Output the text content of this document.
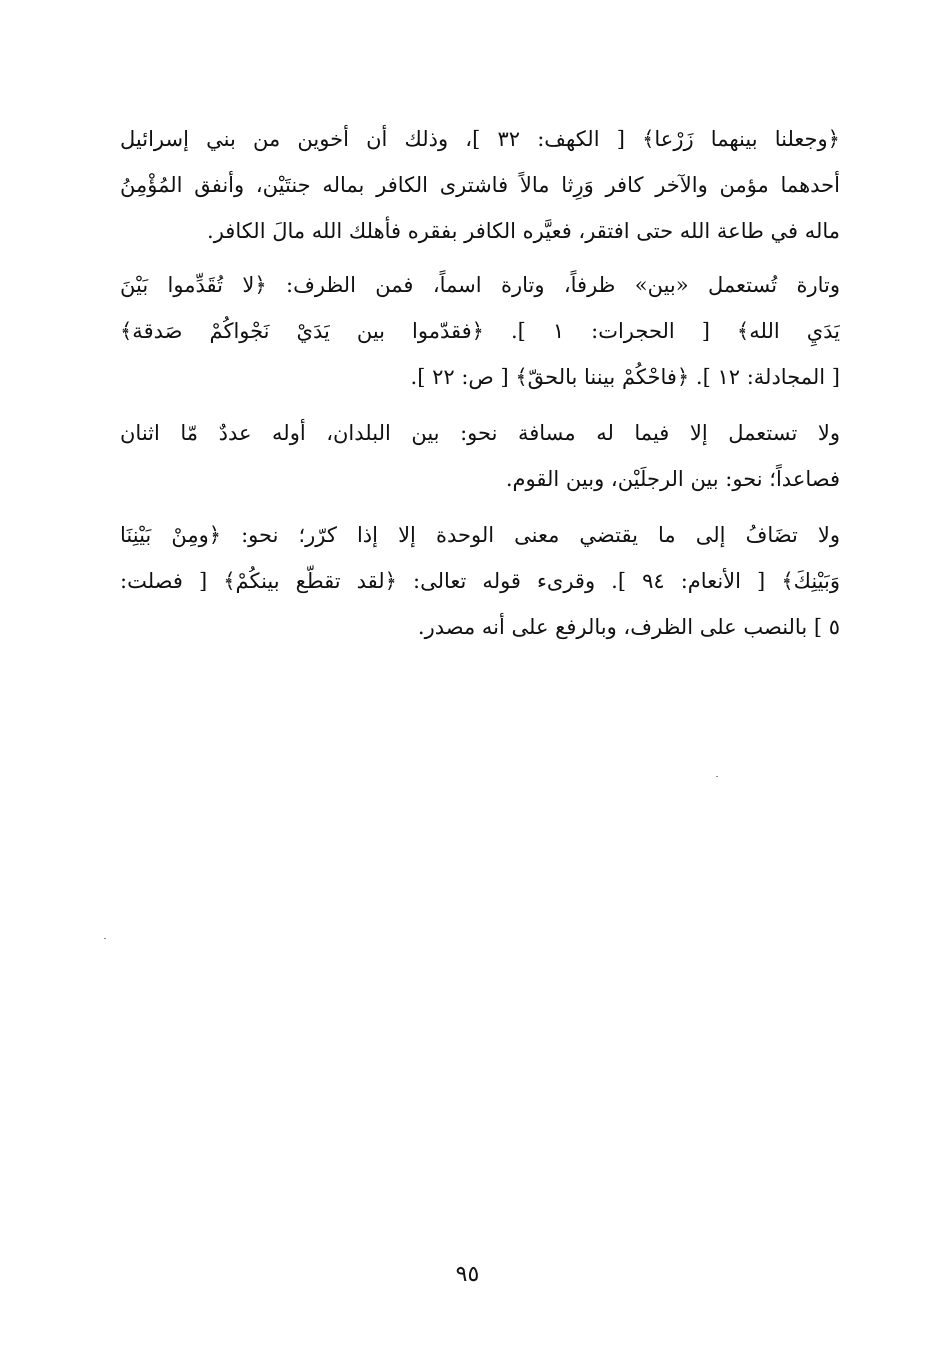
﴿وجعلنا بينهما زَرْعا﴾ [ الكهف: ٣٢ ]، وذلك أن أخوين من بني إسرائيل
أحدهما مؤمن والآخر كافر وَرِثا مالاً فاشترى الكافر بماله جنتَيْن، وأنفق المُؤْمِنُ
ماله في طاعة الله حتى افتقر، فعيَّره الكافر بفقره فأهلك الله مالَ الكافر.
وتارة تُستعمل «بين» ظرفاً، وتارة اسماً، فمن الظرف: ﴿لا تُقَدِّموا بَيْنَ
يَدَيِ الله﴾ [ الحجرات: ١ ]. ﴿فقدّموا بين يَدَيْ نَجْواكُمْ صَدقة﴾
[ المجادلة: ١٢ ]. ﴿فاحْكُمْ بيننا بالحقّ﴾ [ ص: ٢٢ ].
ولا تستعمل إلا فيما له مسافة نحو: بين البلدان، أوله عددٌ مّا اثنان
فصاعداً؛ نحو: بين الرجلَيْن، وبين القوم.
ولا تضَافُ إلى ما يقتضي معنى الوحدة إلا إذا كرّر؛ نحو: ﴿ومِنْ بَيْنِنَا
وَبَيْنِكَ﴾ [ الأنعام: ٩٤ ]. وقرىء قوله تعالى: ﴿لقد تقطّع بينكُمْ﴾ [ فصلت:
٥ ] بالنصب على الظرف، وبالرفع على أنه مصدر.
٩٥
